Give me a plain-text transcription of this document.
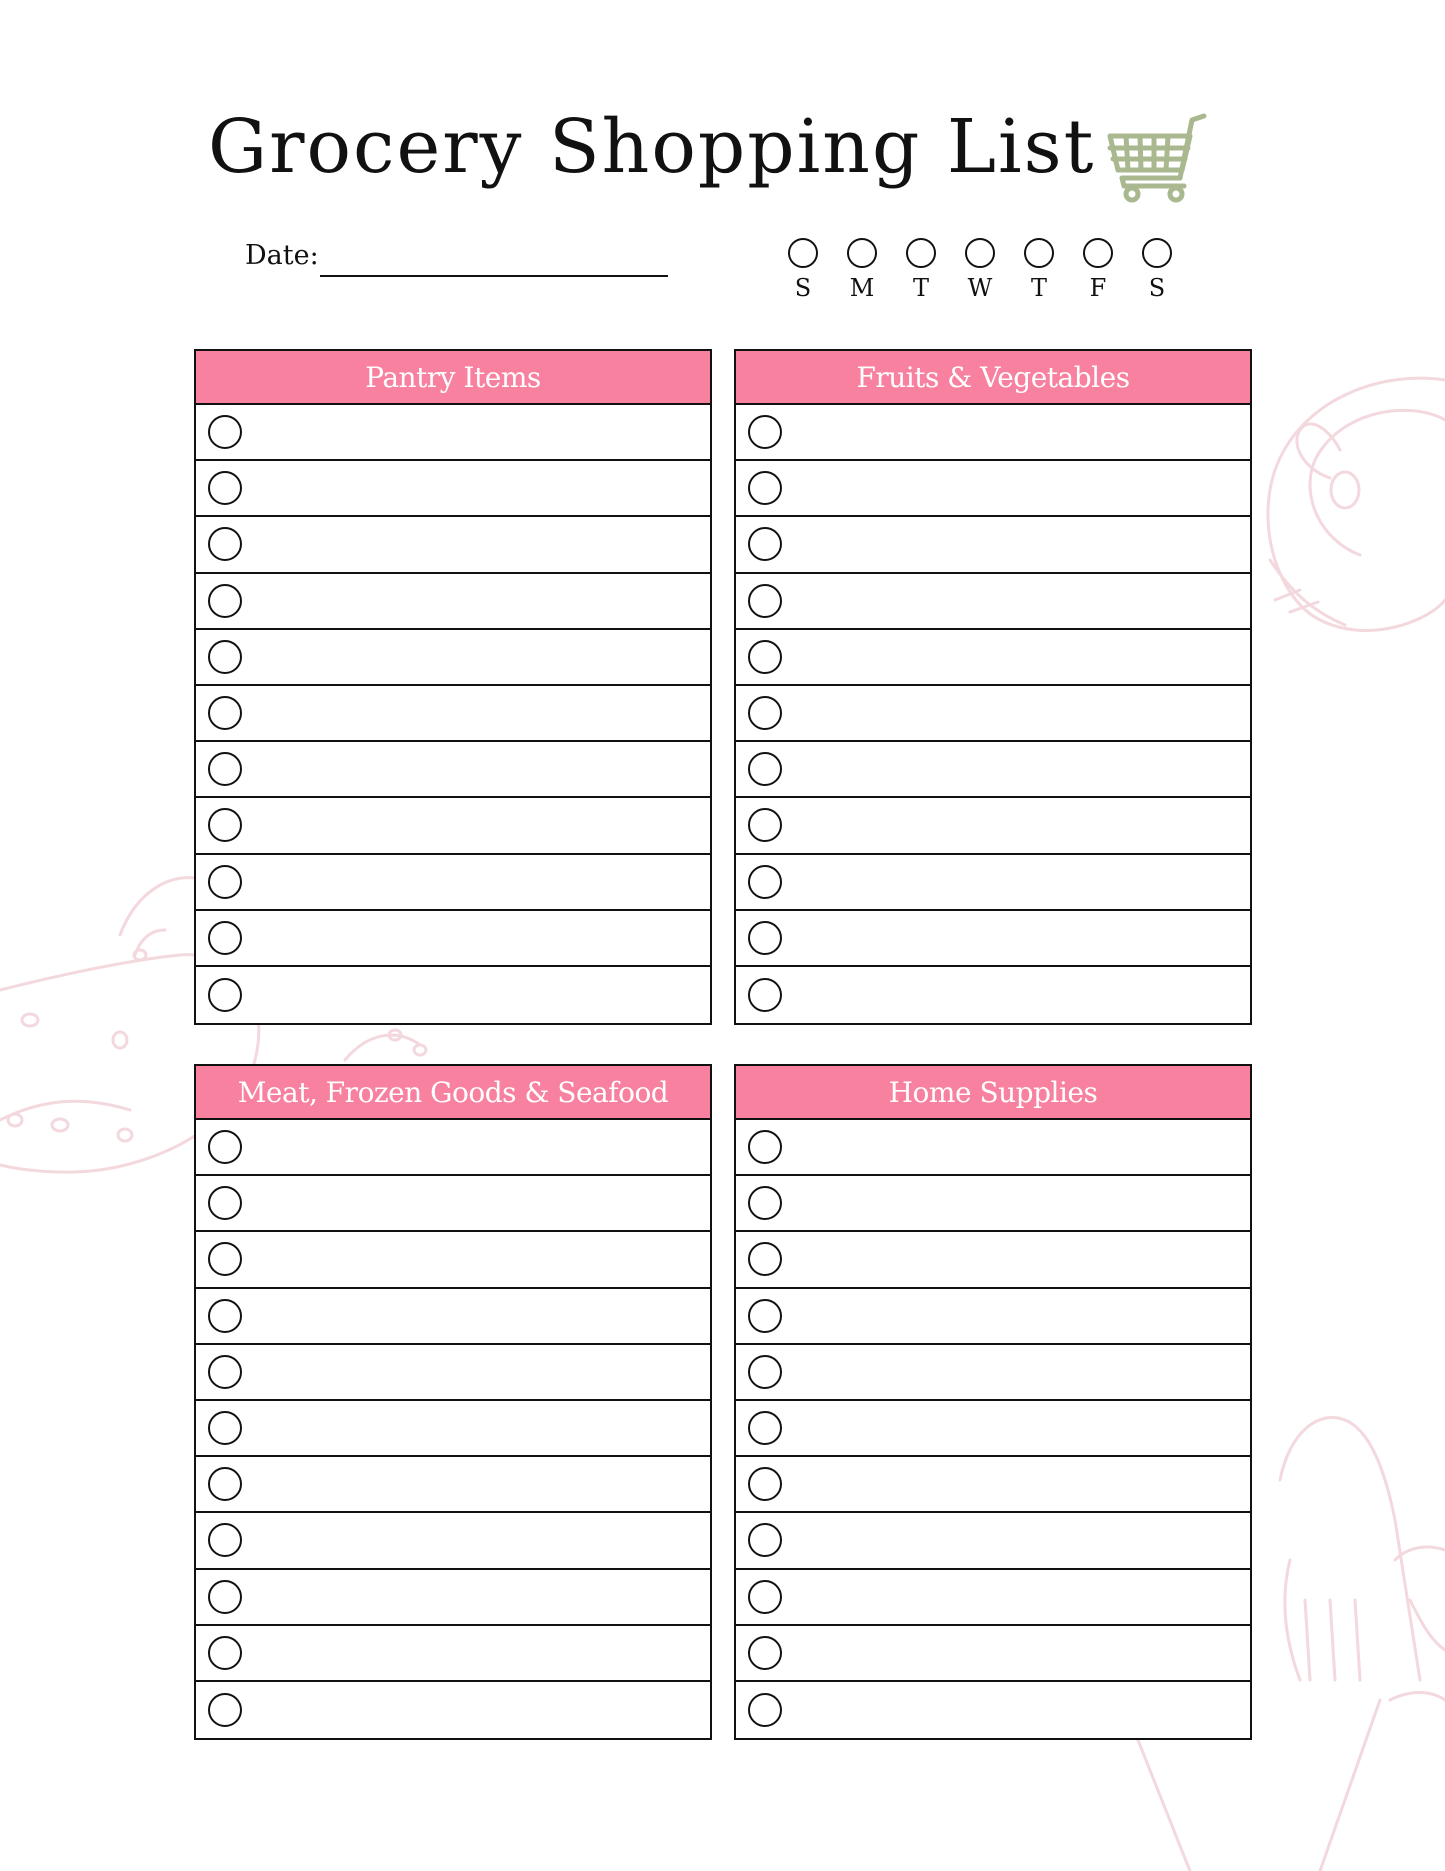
Grocery Shopping List
Date:
S	M	T	W	T	F	S
Pantry Items	Fruits & Vegetables
Meat, Frozen Goods & Seafood	Home Supplies
